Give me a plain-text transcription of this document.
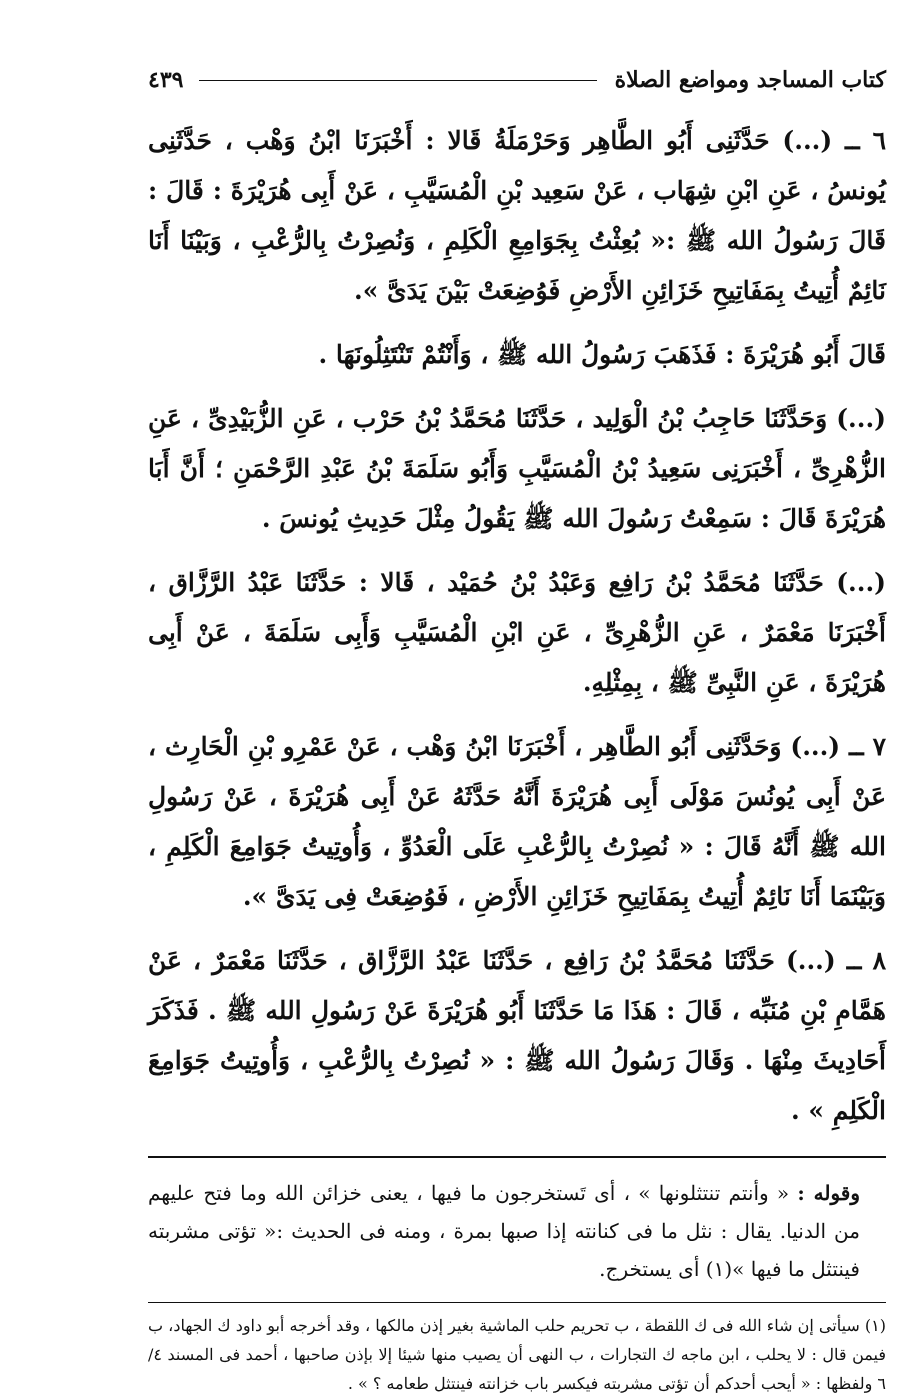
كتاب المساجد ومواضع الصلاة
٤٣٩

٦ ــ (...) حَدَّثَنِى أَبُو الطَّاهِر وَحَرْمَلَةُ قَالا : أَخْبَرَنَا ابْنُ وَهْب ، حَدَّثَنِى يُونسُ ، عَنِ ابْنِ شِهَاب ، عَنْ سَعِيد بْنِ الْمُسَيَّبِ ، عَنْ أَبِى هُرَيْرَةَ : قَالَ : قَالَ رَسُولُ الله ﷺ :« بُعِثْتُ بِجَوَامِعِ الْكَلِمِ ، وَنُصِرْتُ بِالرُّعْبِ ، وَبَيْنَا أَنَا نَائِمٌ أُتِيتُ بِمَفَاتِيحِ خَزَائِنِ الأَرْضِ فَوُضِعَتْ بَيْنَ يَدَىَّ ».

قَالَ أَبُو هُرَيْرَةَ : فَذَهَبَ رَسُولُ الله ﷺ ، وَأَنْتُمْ تَنْتَثِلُونَهَا .

(...) وَحَدَّثَنَا حَاجِبُ بْنُ الْوَلِيد ، حَدَّثَنَا مُحَمَّدُ بْنُ حَرْب ، عَنِ الزُّبَيْدِىِّ ، عَنِ الزُّهْرِىِّ ، أَخْبَرَنِى سَعِيدُ بْنُ الْمُسَيَّبِ وَأَبُو سَلَمَةَ بْنُ عَبْدِ الرَّحْمَنِ ؛ أَنَّ أَبَا هُرَيْرَةَ قَالَ : سَمِعْتُ رَسُولَ الله ﷺ يَقُولُ مِثْلَ حَدِيثِ يُونسَ .

(...) حَدَّثَنَا مُحَمَّدُ بْنُ رَافِع وَعَبْدُ بْنُ حُمَيْد ، قَالا : حَدَّثَنَا عَبْدُ الرَّزَّاق ، أَخْبَرَنَا مَعْمَرٌ ، عَنِ الزُّهْرِىِّ ، عَنِ ابْنِ الْمُسَيَّبِ وَأَبِى سَلَمَةَ ، عَنْ أَبِى هُرَيْرَةَ ، عَنِ النَّبِىِّ ﷺ ، بِمِثْلِهِ.

٧ ــ (...) وَحَدَّثَنِى أَبُو الطَّاهِر ، أَخْبَرَنَا ابْنُ وَهْب ، عَنْ عَمْرِو بْنِ الْحَارِث ، عَنْ أَبِى يُونُسَ مَوْلَى أَبِى هُرَيْرَةَ أَنَّهُ حَدَّثَهُ عَنْ أَبِى هُرَيْرَةَ ، عَنْ رَسُولِ الله ﷺ أَنَّهُ قَالَ : « نُصِرْتُ بِالرُّعْبِ عَلَى الْعَدُوِّ ، وَأُوتِيتُ جَوَامِعَ الْكَلِمِ ، وَبَيْنَمَا أَنَا نَائِمٌ أُتِيتُ بِمَفَاتِيحِ خَزَائِنِ الأَرْضِ ، فَوُضِعَتْ فِى يَدَىَّ ».

٨ ــ (...) حَدَّثَنَا مُحَمَّدُ بْنُ رَافِع ، حَدَّثَنَا عَبْدُ الرَّزَّاق ، حَدَّثَنَا مَعْمَرٌ ، عَنْ هَمَّامِ بْنِ مُنَبِّه ، قَالَ : هَذَا مَا حَدَّثَنَا أَبُو هُرَيْرَةَ عَنْ رَسُولِ الله ﷺ . فَذَكَرَ أَحَادِيثَ مِنْهَا . وَقَالَ رَسُولُ الله ﷺ : « نُصِرْتُ بِالرُّعْبِ ، وَأُوتِيتُ جَوَامِعَ الْكَلِمِ » .

وقوله : « وأنتم تنتثلونها » ، أى تَستخرجون ما فيها ، يعنى خزائن الله وما فتح عليهم من الدنيا. يقال : نثل ما فى كنانته إذا صبها بمرة ، ومنه فى الحديث :« تؤتى مشربته فينتثل ما فيها »(١) أى يستخرج.

(١) سيأتى إن شاء الله فى ك اللقطة ، ب تحريم حلب الماشية بغير إذن مالكها ، وقد أخرجه أبو داود ك الجهاد، ب فيمن قال : لا يحلب ، ابن ماجه ك التجارات ، ب النهى أن يصيب منها شيئا إلا بإذن صاحبها ، أحمد فى المسند ٤/ ٦ ولفظها : « أيحب أحدكم أن تؤتى مشربته فيكسر باب خزانته فينتثل طعامه ؟ » .
